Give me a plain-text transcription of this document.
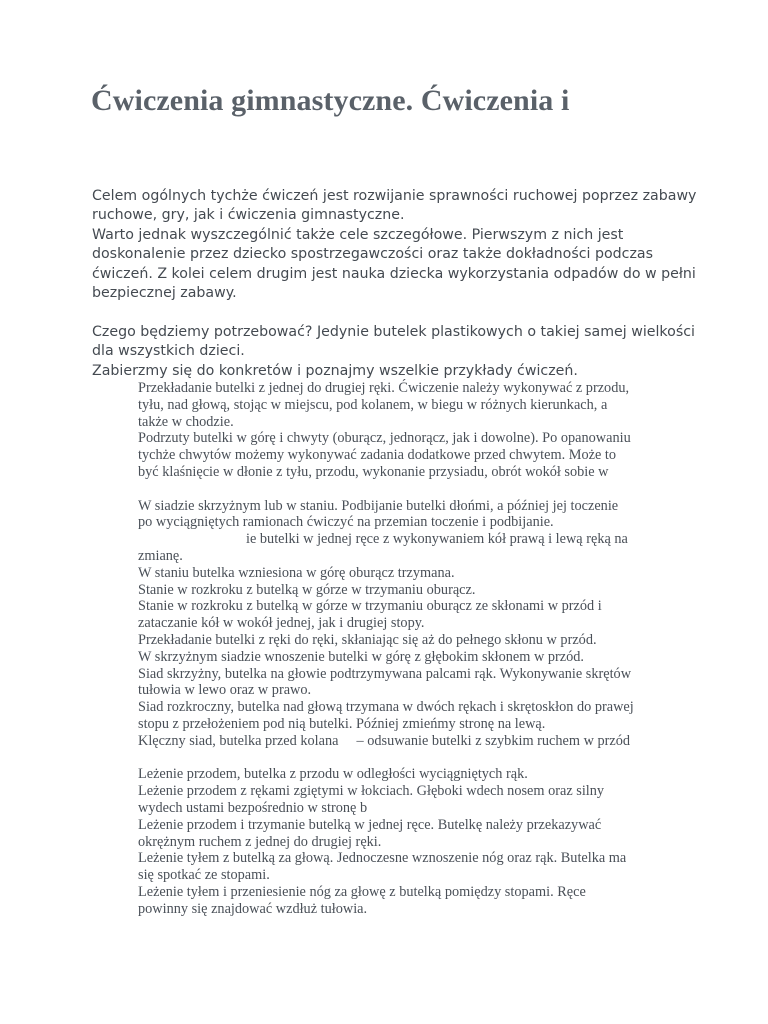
Ćwiczenia gimnastyczne. Ćwiczenia i
Celem ogólnych tychże ćwiczeń jest rozwijanie sprawności ruchowej poprzez zabawy
ruchowe, gry, jak i ćwiczenia gimnastyczne.
Warto jednak wyszczególnić także cele szczegółowe. Pierwszym z nich jest
doskonalenie przez dziecko spostrzegawczości oraz także dokładności podczas
ćwiczeń. Z kolei celem drugim jest nauka dziecka wykorzystania odpadów do w pełni
bezpiecznej zabawy.
Czego będziemy potrzebować? Jedynie butelek plastikowych o takiej samej wielkości
dla wszystkich dzieci.
Zabierzmy się do konkretów i poznajmy wszelkie przykłady ćwiczeń.
Przekładanie butelki z jednej do drugiej ręki. Ćwiczenie należy wykonywać z przodu,
tyłu, nad głową, stojąc w miejscu, pod kolanem, w biegu w różnych kierunkach, a
także w chodzie.
Podrzuty butelki w górę i chwyty (oburącz, jednorącz, jak i dowolne). Po opanowaniu
tychże chwytów możemy wykonywać zadania dodatkowe przed chwytem. Może to
być klaśnięcie w dłonie z tyłu, przodu, wykonanie przysiadu, obrót wokół sobie w
W siadzie skrzyżnym lub w staniu. Podbijanie butelki dłońmi, a później jej toczenie
po wyciągniętych ramionach ćwiczyć na przemian toczenie i podbijanie.
ie butelki w jednej ręce z wykonywaniem kół prawą i lewą ręką na
zmianę.
W staniu butelka wzniesiona w górę oburącz trzymana.
Stanie w rozkroku z butelką w górze w trzymaniu oburącz.
Stanie w rozkroku z butelką w górze w trzymaniu oburącz ze skłonami w przód i
zataczanie kół w wokół jednej, jak i drugiej stopy.
Przekładanie butelki z ręki do ręki, skłaniając się aż do pełnego skłonu w przód.
W skrzyżnym siadzie wnoszenie butelki w górę z głębokim skłonem w przód.
Siad skrzyżny, butelka na głowie podtrzymywana palcami rąk. Wykonywanie skrętów
tułowia w lewo oraz w prawo.
Siad rozkroczny, butelka nad głową trzymana w dwóch rękach i skrętoskłon do prawej
stopu z przełożeniem pod nią butelki. Później zmieńmy stronę na lewą.
Klęczny siad, butelka przed kolana – odsuwanie butelki z szybkim ruchem w przód
Leżenie przodem, butelka z przodu w odległości wyciągniętych rąk.
Leżenie przodem z rękami zgiętymi w łokciach. Głęboki wdech nosem oraz silny
wydech ustami bezpośrednio w stronę b
Leżenie przodem i trzymanie butelką w jednej ręce. Butelkę należy przekazywać
okrężnym ruchem z jednej do drugiej ręki.
Leżenie tyłem z butelką za głową. Jednoczesne wznoszenie nóg oraz rąk. Butelka ma
się spotkać ze stopami.
Leżenie tyłem i przeniesienie nóg za głowę z butelką pomiędzy stopami. Ręce
powinny się znajdować wzdłuż tułowia.
